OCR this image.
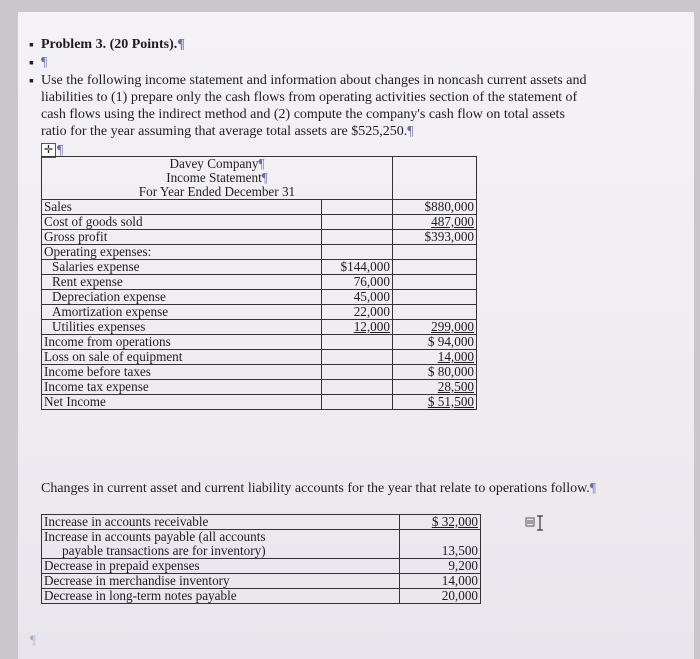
▪ Problem 3. (20 Points).¶
▪ ¶
▪ Use the following income statement and information about changes in noncash current assets and
liabilities to (1) prepare only the cash flows from operating activities section of the statement of
cash flows using the indirect method and (2) compute the company's cash flow on total assets
ratio for the year assuming that average total assets are $525,250.¶
✛ ¶
Davey Company¶		
Income Statement¶		
For Year Ended December 31		
Sales		$880,000
Cost of goods sold		487,000
Gross profit		$393,000
Operating expenses:		
Salaries expense	$144,000	
Rent expense	76,000	
Depreciation expense	45,000	
Amortization expense	22,000	
Utilities expenses	12,000	299,000
Income from operations		$ 94,000
Loss on sale of equipment		14,000
Income before taxes		$ 80,000
Income tax expense		28,500
Net Income		$ 51,500
Changes in current asset and current liability accounts for the year that relate to operations follow.¶
Increase in accounts receivable	$ 32,000
Increase in accounts payable (all accounts	
payable transactions are for inventory)	13,500
Decrease in prepaid expenses	9,200
Decrease in merchandise inventory	14,000
Decrease in long-term notes payable	20,000
¶
